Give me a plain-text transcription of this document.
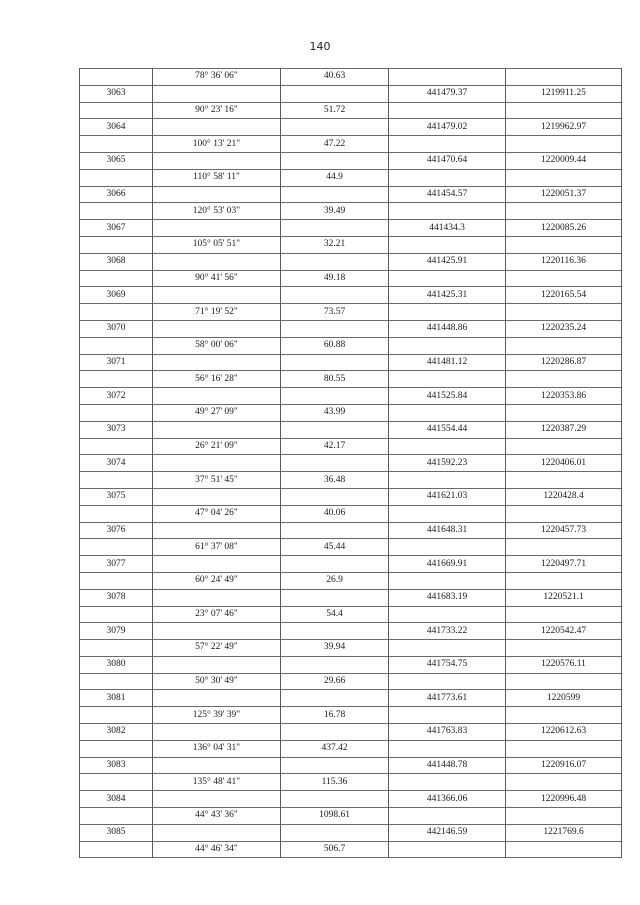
140
	78° 36' 06"	40.63		
3063			441479.37	1219911.25
	90° 23' 16"	51.72		
3064			441479.02	1219962.97
	100° 13' 21"	47.22		
3065			441470.64	1220009.44
	110° 58' 11"	44.9		
3066			441454.57	1220051.37
	120° 53' 03"	39.49		
3067			441434.3	1220085.26
	105° 05' 51"	32.21		
3068			441425.91	1220116.36
	90° 41' 56"	49.18		
3069			441425.31	1220165.54
	71° 19' 52"	73.57		
3070			441448.86	1220235.24
	58° 00' 06"	60.88		
3071			441481.12	1220286.87
	56° 16' 28"	80.55		
3072			441525.84	1220353.86
	49° 27' 09"	43.99		
3073			441554.44	1220387.29
	26° 21' 09"	42.17		
3074			441592.23	1220406.01
	37° 51' 45"	36.48		
3075			441621.03	1220428.4
	47° 04' 26"	40.06		
3076			441648.31	1220457.73
	61° 37' 08"	45.44		
3077			441669.91	1220497.71
	60° 24' 49"	26.9		
3078			441683.19	1220521.1
	23° 07' 46"	54.4		
3079			441733.22	1220542.47
	57° 22' 49"	39.94		
3080			441754.75	1220576.11
	50° 30' 49"	29.66		
3081			441773.61	1220599
	125° 39' 39"	16.78		
3082			441763.83	1220612.63
	136° 04' 31"	437.42		
3083			441448.78	1220916.07
	135° 48' 41"	115.36		
3084			441366.06	1220996.48
	44° 43' 36"	1098.61		
3085			442146.59	1221769.6
	44° 46' 34"	506.7		
